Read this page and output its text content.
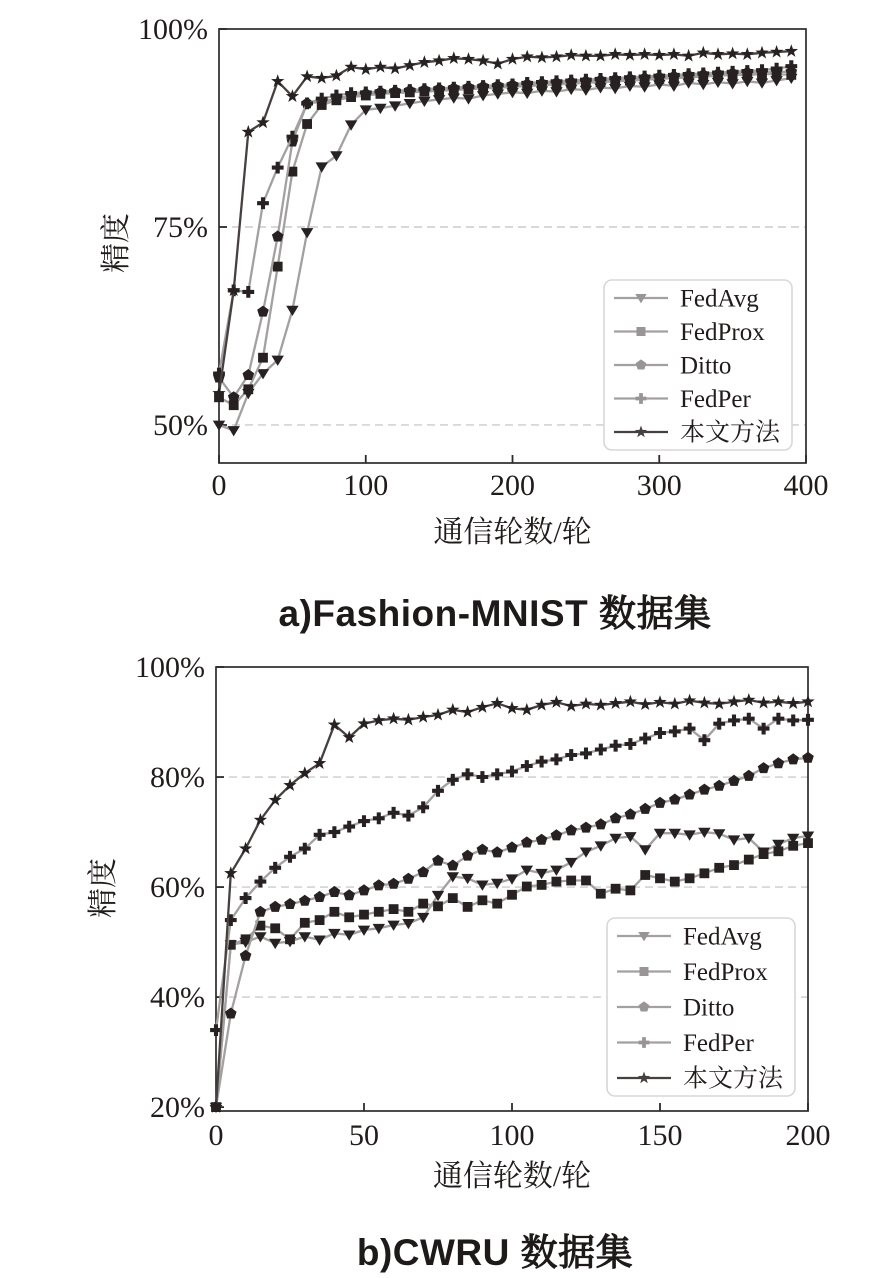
0	100	200	300	400
50%
75%
100%
通信轮数/轮
精度
FedAvg
FedProx
Ditto
FedPer
本文方法
0	50	100	150	200
20%
40%
60%
80%
100%
通信轮数/轮
精度
FedAvg
FedProx
Ditto
FedPer
本文方法
a)Fashion-MNIST 数据集
b)CWRU 数据集
